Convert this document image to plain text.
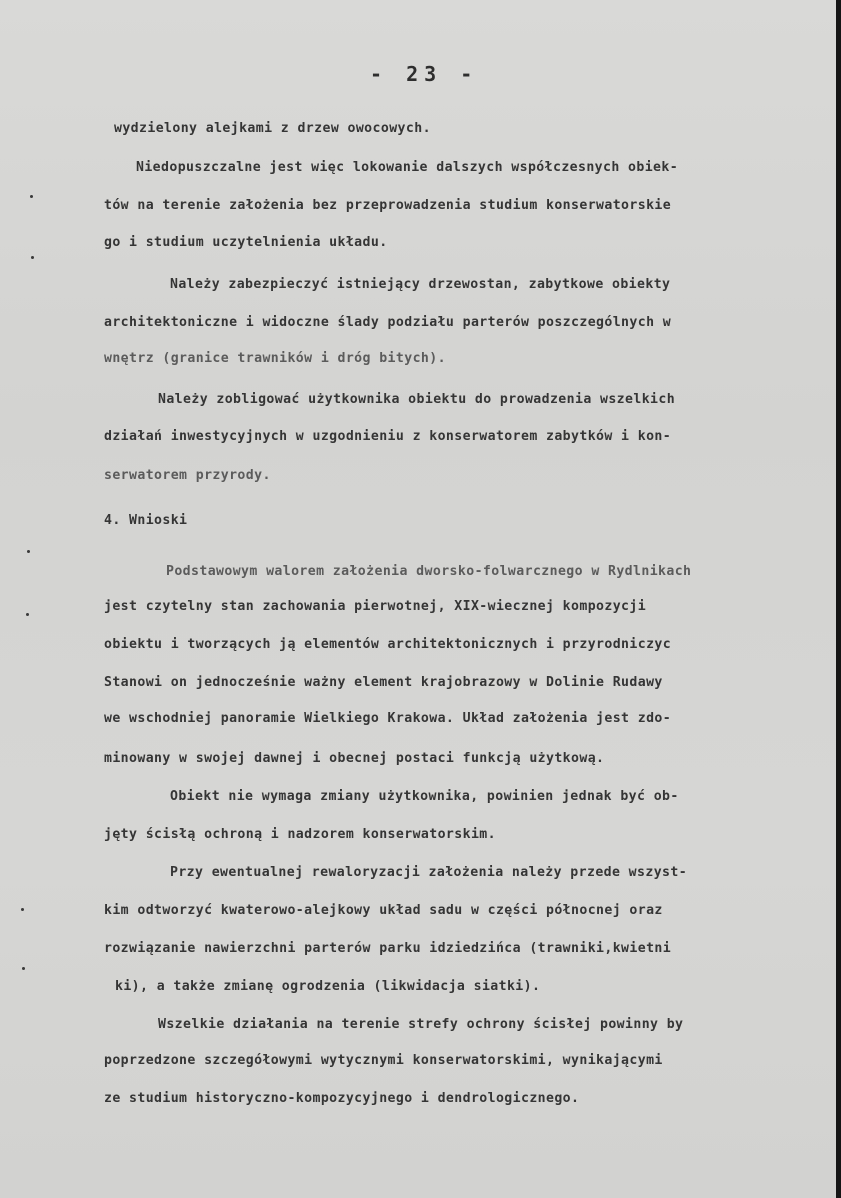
- 23 -
wydzielony alejkami z drzew owocowych.
Niedopuszczalne jest więc lokowanie dalszych współczesnych obiek-
tów na terenie założenia bez przeprowadzenia studium konserwatorskie
go i studium uczytelnienia układu.
Należy zabezpieczyć istniejący drzewostan, zabytkowe obiekty
architektoniczne i widoczne ślady podziału parterów poszczególnych w
wnętrz (granice trawników i dróg bitych).
Należy zobligować użytkownika obiektu do prowadzenia wszelkich
działań inwestycyjnych w uzgodnieniu z konserwatorem zabytków i kon-
serwatorem przyrody.
4. Wnioski
Podstawowym walorem założenia dworsko-folwarcznego w Rydlnikach
jest czytelny stan zachowania pierwotnej, XIX-wiecznej kompozycji
obiektu i tworzących ją elementów architektonicznych i przyrodniczyc
Stanowi on jednocześnie ważny element krajobrazowy w Dolinie Rudawy
we wschodniej panoramie Wielkiego Krakowa. Układ założenia jest zdo-
minowany w swojej dawnej i obecnej postaci funkcją użytkową.
Obiekt nie wymaga zmiany użytkownika, powinien jednak być ob-
jęty ścisłą ochroną i nadzorem konserwatorskim.
Przy ewentualnej rewaloryzacji założenia należy przede wszyst-
kim odtworzyć kwaterowo-alejkowy układ sadu w części północnej oraz
rozwiązanie nawierzchni parterów parku idziedzińca (trawniki,kwietni
ki), a także zmianę ogrodzenia (likwidacja siatki).
Wszelkie działania na terenie strefy ochrony ścisłej powinny by
poprzedzone szczegółowymi wytycznymi konserwatorskimi, wynikającymi
ze studium historyczno-kompozycyjnego i dendrologicznego.
